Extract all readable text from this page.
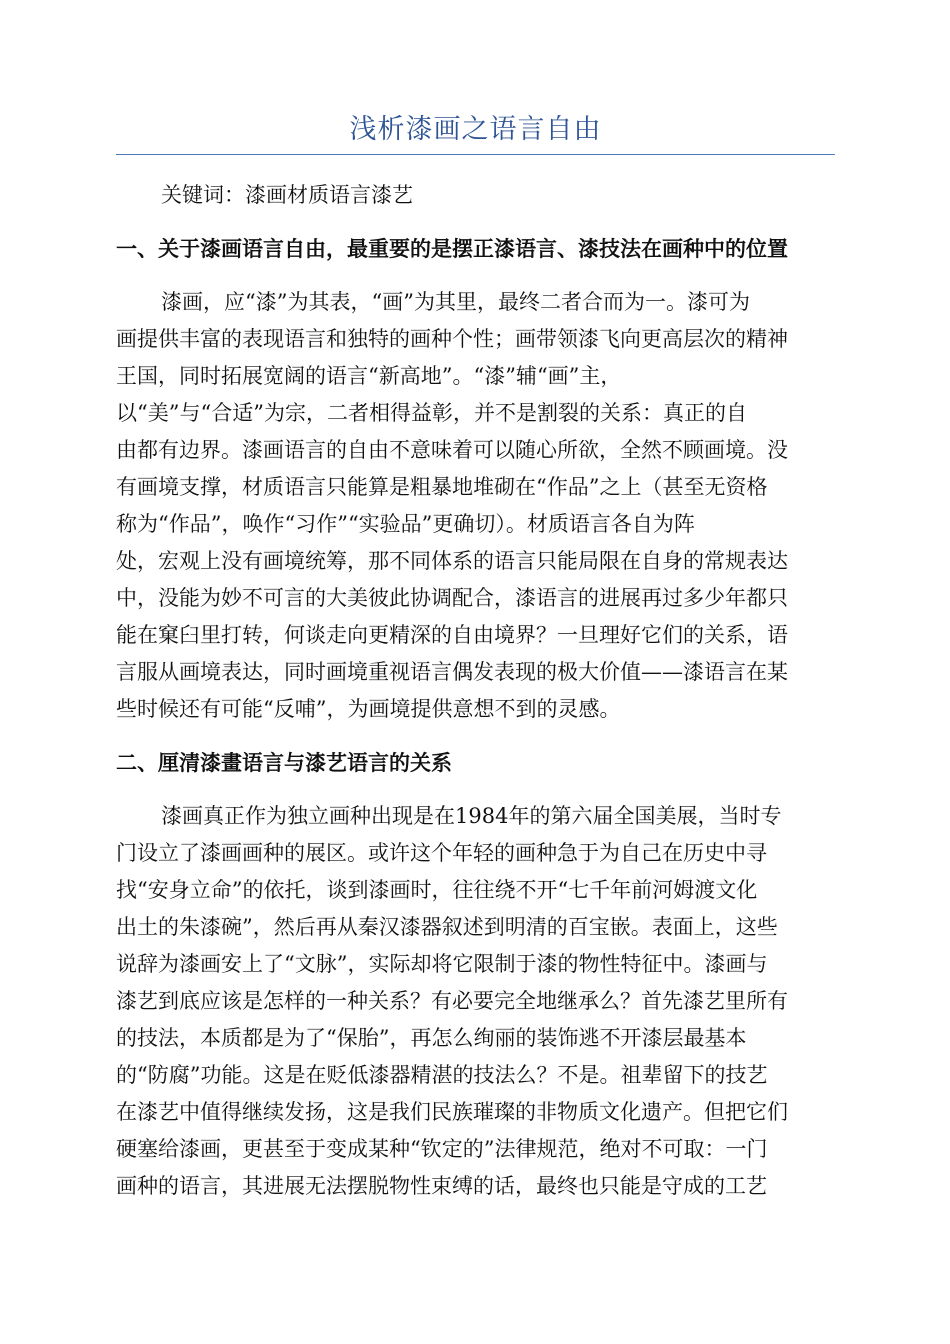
浅析漆画之语言自由
关键词：漆画材质语言漆艺
一、关于漆画语言自由，最重要的是摆正漆语言、漆技法在画种中的位置
漆画，应“漆”为其表，“画”为其里，最终二者合而为一。漆可为
画提供丰富的表现语言和独特的画种个性；画带领漆飞向更高层次的精神
王国，同时拓展宽阔的语言“新高地”。“漆”辅“画”主，
以“美”与“合适”为宗，二者相得益彰，并不是割裂的关系：真正的自
由都有边界。漆画语言的自由不意味着可以随心所欲，全然不顾画境。没
有画境支撑，材质语言只能算是粗暴地堆砌在“作品”之上（甚至无资格
称为“作品”，唤作“习作”“实验品”更确切）。材质语言各自为阵
处，宏观上没有画境统筹，那不同体系的语言只能局限在自身的常规表达
中，没能为妙不可言的大美彼此协调配合，漆语言的进展再过多少年都只
能在窠臼里打转，何谈走向更精深的自由境界？一旦理好它们的关系，语
言服从画境表达，同时画境重视语言偶发表现的极大价值——漆语言在某
些时候还有可能“反哺”，为画境提供意想不到的灵感。
二、厘清漆畫语言与漆艺语言的关系
漆画真正作为独立画种出现是在1984年的第六届全国美展，当时专
门设立了漆画画种的展区。或许这个年轻的画种急于为自己在历史中寻
找“安身立命”的依托，谈到漆画时，往往绕不开“七千年前河姆渡文化
出土的朱漆碗”，然后再从秦汉漆器叙述到明清的百宝嵌。表面上，这些
说辞为漆画安上了“文脉”，实际却将它限制于漆的物性特征中。漆画与
漆艺到底应该是怎样的一种关系？有必要完全地继承么？首先漆艺里所有
的技法，本质都是为了“保胎”，再怎么绚丽的装饰逃不开漆层最基本
的“防腐”功能。这是在贬低漆器精湛的技法么？不是。祖辈留下的技艺
在漆艺中值得继续发扬，这是我们民族璀璨的非物质文化遗产。但把它们
硬塞给漆画，更甚至于变成某种“钦定的”法律规范，绝对不可取：一门
画种的语言，其进展无法摆脱物性束缚的话，最终也只能是守成的工艺
